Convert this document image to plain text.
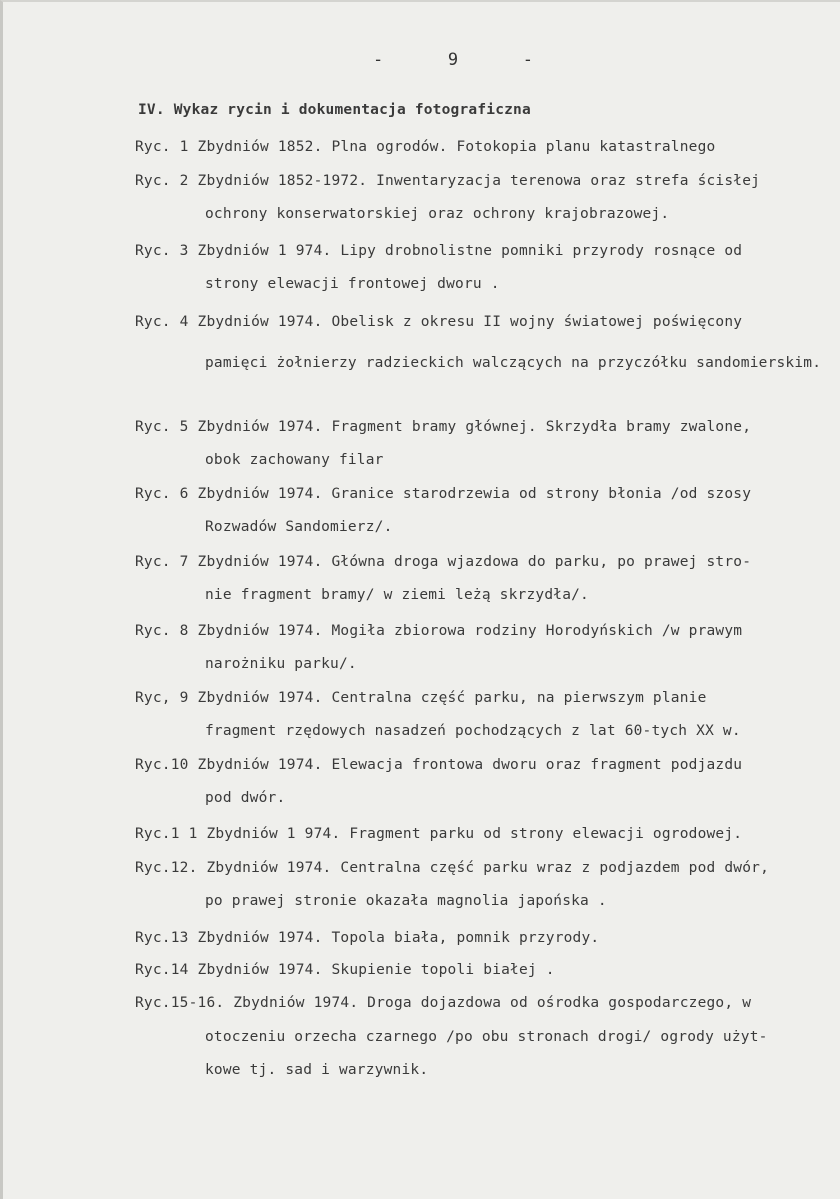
-	9	-
IV. Wykaz rycin i dokumentacja fotograficzna
Ryc. 1 Zbydniów 1852. Plna ogrodów. Fotokopia planu katastralnego
Ryc. 2 Zbydniów 1852-1972. Inwentaryzacja terenowa oraz strefa ścisłej
ochrony konserwatorskiej oraz ochrony krajobrazowej.
Ryc. 3 Zbydniów 1 974. Lipy drobnolistne pomniki przyrody rosnące od
strony elewacji frontowej dworu .
Ryc. 4 Zbydniów 1974. Obelisk z okresu II wojny światowej poświęcony
pamięci żołnierzy radzieckich walczących na przyczółku sandomierskim.
Ryc. 5 Zbydniów 1974. Fragment bramy głównej. Skrzydła bramy zwalone,
obok zachowany filar
Ryc. 6 Zbydniów 1974. Granice starodrzewia od strony błonia /od szosy
Rozwadów Sandomierz/.
Ryc. 7 Zbydniów 1974. Główna droga wjazdowa do parku, po prawej stro-
nie fragment bramy/ w ziemi leżą skrzydła/.
Ryc. 8 Zbydniów 1974. Mogiła zbiorowa rodziny Horodyńskich /w prawym
narożniku parku/.
Ryc, 9 Zbydniów 1974. Centralna część parku, na pierwszym planie
fragment rzędowych nasadzeń pochodzących z lat 60-tych XX w.
Ryc.10 Zbydniów 1974. Elewacja frontowa dworu oraz fragment podjazdu
pod dwór.
Ryc.1 1 Zbydniów 1 974. Fragment parku od strony elewacji ogrodowej.
Ryc.12. Zbydniów 1974. Centralna część parku wraz z podjazdem pod dwór,
po prawej stronie okazała magnolia japońska .
Ryc.13 Zbydniów 1974. Topola biała, pomnik przyrody.
Ryc.14 Zbydniów 1974. Skupienie topoli białej .
Ryc.15-16. Zbydniów 1974. Droga dojazdowa od ośrodka gospodarczego, w
otoczeniu orzecha czarnego /po obu stronach drogi/ ogrody użyt-
kowe tj. sad i warzywnik.
